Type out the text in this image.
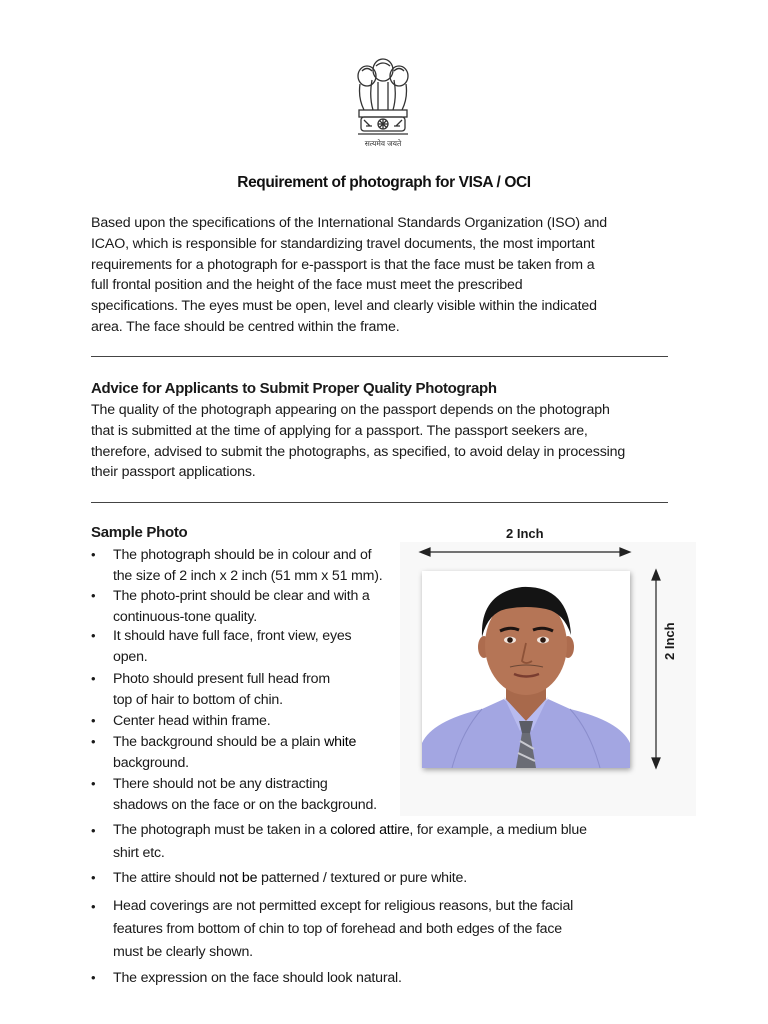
सत्यमेव जयते
Requirement of photograph for VISA / OCI

Based upon the specifications of the International Standards Organization (ISO) and
ICAO, which is responsible for standardizing travel documents, the most important
requirements for a photograph for e-passport is that the face must be taken from a
full frontal position and the height of the face must meet the prescribed
specifications. The eyes must be open, level and clearly visible within the indicated
area. The face should be centred within the frame.

Advice for Applicants to Submit Proper Quality Photograph

The quality of the photograph appearing on the passport depends on the photograph
that is submitted at the time of applying for a passport. The passport seekers are,
therefore, advised to submit the photographs, as specified, to avoid delay in processing
their passport applications.

Sample Photo
• The photograph should be in colour and of
the size of 2 inch x 2 inch (51 mm x 51 mm).
• The photo-print should be clear and with a
continuous-tone quality.
• It should have full face, front view, eyes
open.
• Photo should present full head from
top of hair to bottom of chin.
• Center head within frame.
• The background should be a plain white
background.
• There should not be any distracting
shadows on the face or on the background.
• The photograph must be taken in a colored attire, for example, a medium blue
shirt etc.
• The attire should not be patterned / textured or pure white.
• Head coverings are not permitted except for religious reasons, but the facial
features from bottom of chin to top of forehead and both edges of the face
must be clearly shown.
• The expression on the face should look natural.
2 Inch
2 Inch
